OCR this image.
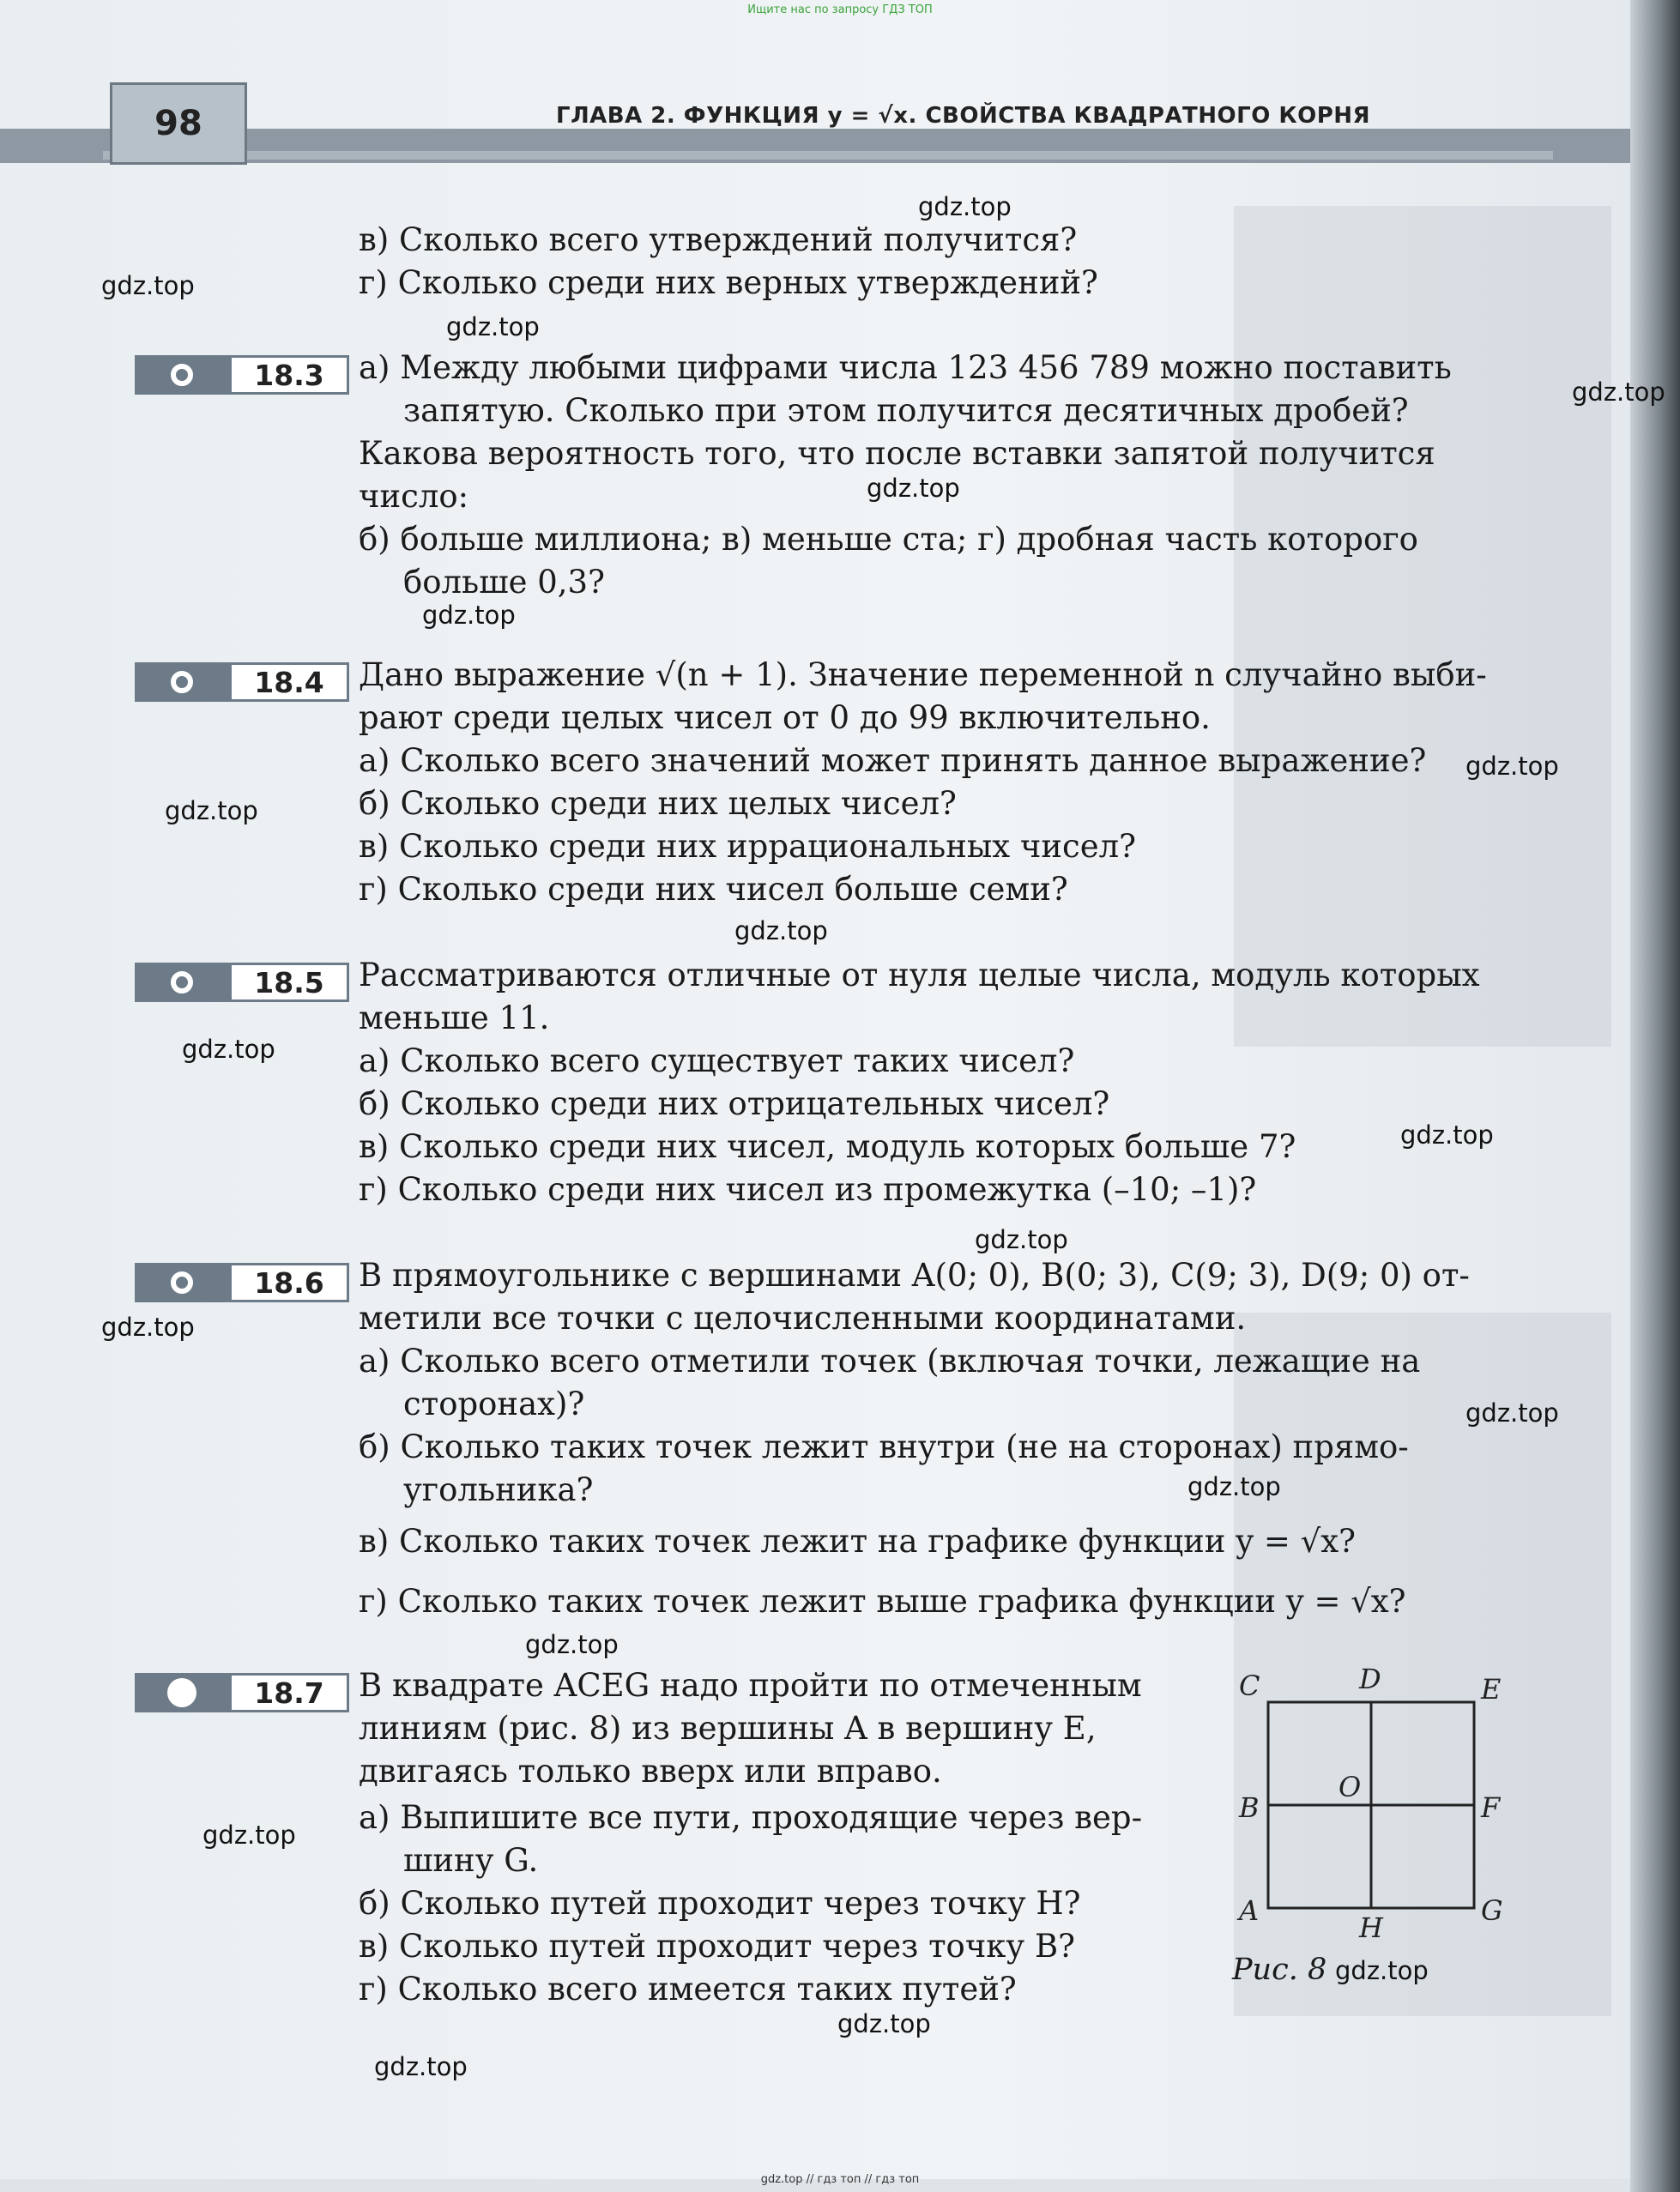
Ищите нас по запросу ГДЗ ТОП
98	ГЛАВА 2. ФУНКЦИЯ y = √x. СВОЙСТВА КВАДРАТНОГО КОРНЯ
в) Сколько всего утверждений получится?
г) Сколько среди них верных утверждений?
18.3	а) Между любыми цифрами числа 123 456 789 можно поставить
запятую. Сколько при этом получится десятичных дробей?
Какова вероятность того, что после вставки запятой получится
число:
б) больше миллиона; в) меньше ста; г) дробная часть которого
больше 0,3?
18.4	Дано выражение √(n + 1). Значение переменной n случайно выби-
рают среди целых чисел от 0 до 99 включительно.
а) Сколько всего значений может принять данное выражение?
б) Сколько среди них целых чисел?
в) Сколько среди них иррациональных чисел?
г) Сколько среди них чисел больше семи?
18.5	Рассматриваются отличные от нуля целые числа, модуль которых
меньше 11.
а) Сколько всего существует таких чисел?
б) Сколько среди них отрицательных чисел?
в) Сколько среди них чисел, модуль которых больше 7?
г) Сколько среди них чисел из промежутка (–10; –1)?
18.6	В прямоугольнике с вершинами A(0; 0), B(0; 3), C(9; 3), D(9; 0) от-
метили все точки с целочисленными координатами.
а) Сколько всего отметили точек (включая точки, лежащие на
сторонах)?
б) Сколько таких точек лежит внутри (не на сторонах) прямо-
угольника?
в) Сколько таких точек лежит на графике функции y = √x?
г) Сколько таких точек лежит выше графика функции y = √x?
18.7	В квадрате ACEG надо пройти по отмеченным
линиям (рис. 8) из вершины A в вершину E,
двигаясь только вверх или вправо.
а) Выпишите все пути, проходящие через вер-
шину G.
б) Сколько путей проходит через точку H?
в) Сколько путей проходит через точку B?
г) Сколько всего имеется таких путей?
C	D	E
B
O
F
A
H
G
Рис. 8
gdz.top
gdz.top
gdz.top
gdz.top
gdz.top
gdz.top
gdz.top
gdz.top
gdz.top
gdz.top
gdz.top
gdz.top
gdz.top
gdz.top
gdz.top
gdz.top
gdz.top
gdz.top
gdz.top
gdz.top
gdz.top // гдз топ // гдз топ
